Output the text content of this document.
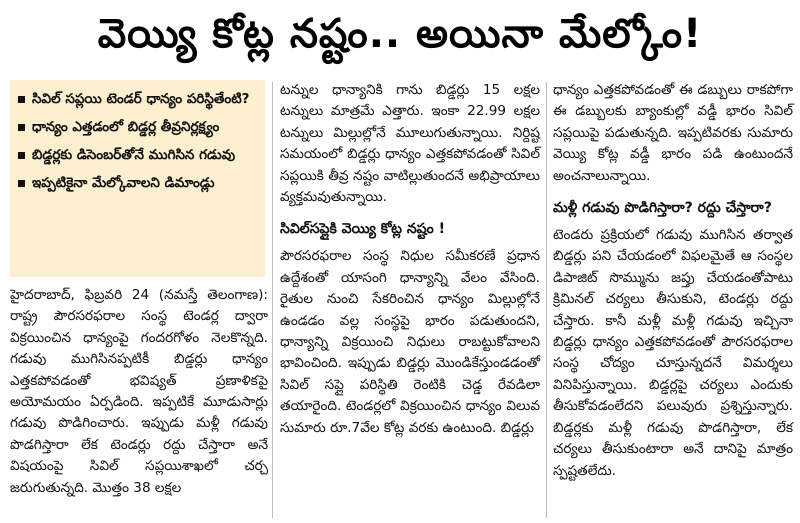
వెయ్యి కోట్ల నష్టం.. అయినా మేల్కోం!
సివిల్ సప్లయి టెండర్ ధాన్యం పరిస్థితేంటి?
ధాన్యం ఎత్తడంలో బిడ్డర్ల తీవ్రనిర్లక్ష్యం
బిడ్డర్లకు డిసెంబర్‌తోనే ముగిసిన గడువు
ఇప్పటికైనా మేల్కోవాలని డిమాండ్లు

హైదరాబాద్, ఫిబ్రవరి 24 (నమస్తే తెలంగాణ): రాష్ట్ర పౌరసరఫరాల సంస్థ టెండర్ల ద్వారా విక్రయించిన ధాన్యంపై గందరగోళం నెలకొన్నది. గడువు ముగిసినప్పటికీ బిడ్డర్లు ధాన్యం ఎత్తకపోవడంతో భవిష్యత్ ప్రణాళికపై అయోమయం ఏర్పడింది. ఇప్పటికే మూడుసార్లు గడువు పొడిగించారు. ఇప్పుడు మళ్లీ గడువు పొడగిస్తారా లేక టెండర్లు రద్దు చేస్తారా అనే విషయంపై సివిల్ సప్లయిశాఖలో చర్చ జరుగుతున్నది. మొత్తం 38 లక్షల

టన్నుల ధాన్యానికి గాను బిడ్డర్లు 15 లక్షల టన్నులు మాత్రమే ఎత్తారు. ఇంకా 22.99 లక్షల టన్నులు మిల్లుల్లోనే మూలుగుతున్నాయి. నిర్దిష్ట సమయంలో బిడ్డర్లు ధాన్యం ఎత్తకపోవడంతో సివిల్ సప్లయికి తీవ్ర నష్టం వాటిల్లుతుందనే అభిప్రాయాలు వ్యక్తమవుతున్నాయి.

సివిల్‌సప్లైకి వెయ్యి కోట్ల నష్టం !

పౌరసరఫరాల సంస్థ నిధుల సమీకరణే ప్రధాన ఉద్దేశంతో యాసంగి ధాన్యాన్ని వేలం వేసింది. రైతుల నుంచి సేకరించిన ధాన్యం మిల్లుల్లోనే ఉండడం వల్ల సంస్థపై భారం పడుతుందని, ధాన్యాన్ని విక్రయించి నిధులు రాబట్టుకోవాలని భావించింది. ఇప్పుడు బిడ్డర్లు మొండికేస్తుండడంతో సివిల్ సప్లై పరిస్థితి రెంటికి చెడ్డ రేవడిలా తయారైంది. టెండర్లలో విక్రయించిన ధాన్యం విలువ సుమారు రూ.7వేల కోట్ల వరకు ఉంటుంది. బిడ్డర్లు

ధాన్యం ఎత్తకపోవడంతో ఈ డబ్బులు రాకపోగా ఈ డబ్బులకు బ్యాంకుల్లో వడ్డీ భారం సివిల్ సప్లయిపై పడుతున్నది. ఇప్పటివరకు సుమారు వెయ్యి కోట్ల వడ్డీ భారం పడి ఉంటుందనే అంచనాలున్నాయి.

మళ్లీ గడువు పొడిగిస్తారా? రద్దు చేస్తారా?

టెండరు ప్రక్రియలో గడువు ముగిసిన తర్వాత బిడ్డర్లు పని చేయడంలో విఫలమైతే ఆ సంస్థల డిపాజిట్ సొమ్మును జప్తు చేయడంతోపాటు క్రిమినల్ చర్యలు తీసుకుని, టెండర్లు రద్దు చేస్తారు. కానీ మళ్లీ మళ్లీ గడువు ఇచ్చినా బిడ్డర్లు ధాన్యం ఎత్తకపోవడంతో పౌరసరఫరాల సంస్థ చోద్యం చూస్తున్నదనే విమర్శలు వినిపిస్తున్నాయి. బిడ్డర్లపై చర్యలు ఎందుకు తీసుకోవడంలేదని పలువురు ప్రశ్నిస్తున్నారు. బిడ్డర్లకు మళ్లీ గడువు పొడగిస్తారా, లేక చర్యలు తీసుకుంటారా అనే దానిపై మాత్రం స్పష్టతలేదు.
